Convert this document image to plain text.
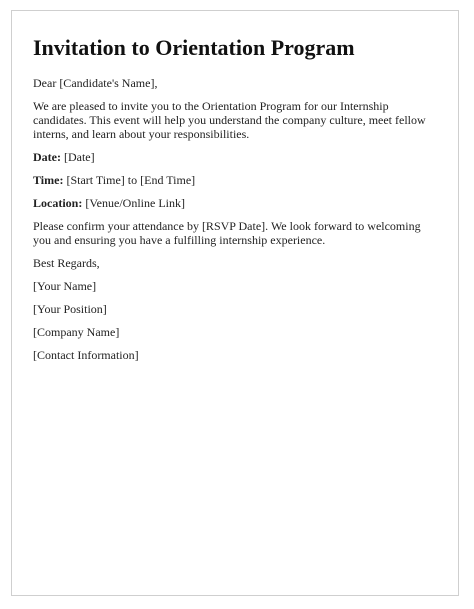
Invitation to Orientation Program

Dear [Candidate's Name],

We are pleased to invite you to the Orientation Program for our Internship candidates. This event will help you understand the company culture, meet fellow interns, and learn about your responsibilities.

Date: [Date]

Time: [Start Time] to [End Time]

Location: [Venue/Online Link]

Please confirm your attendance by [RSVP Date]. We look forward to welcoming you and ensuring you have a fulfilling internship experience.

Best Regards,

[Your Name]

[Your Position]

[Company Name]

[Contact Information]
